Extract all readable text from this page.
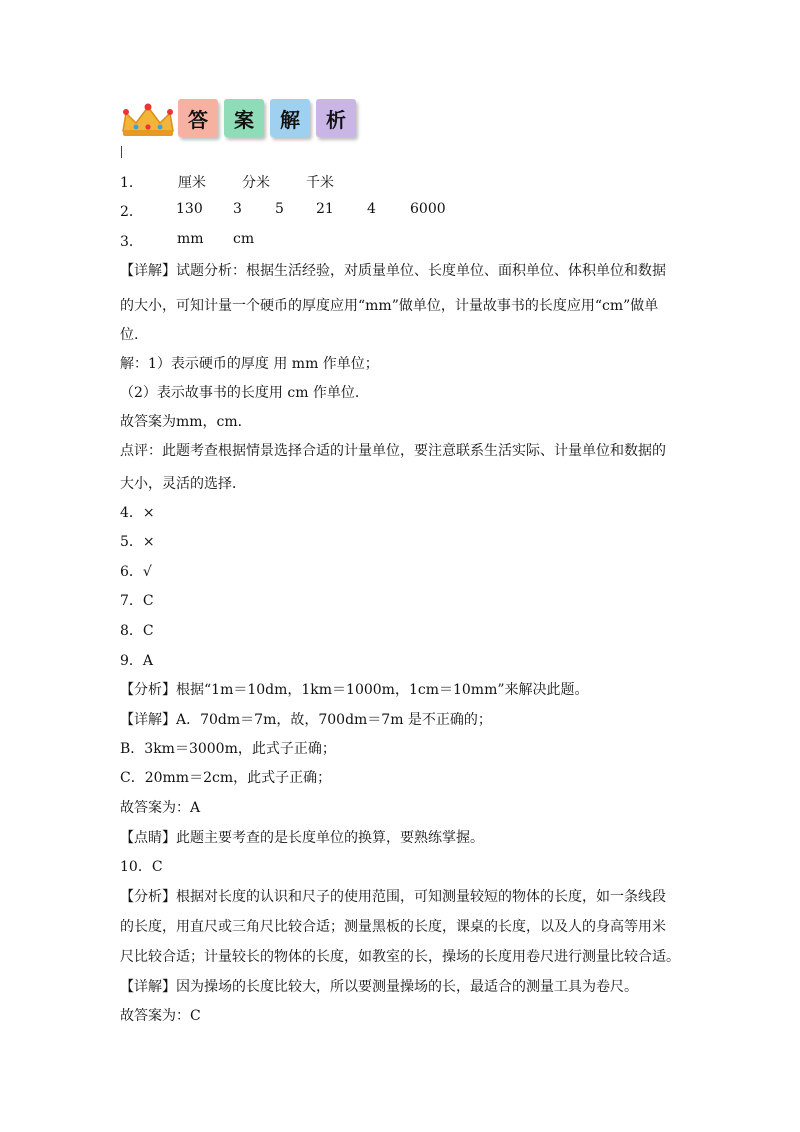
答	案	解	析
1．	厘米	分米	千米
2． 130 3 5 21 4 6000
3． mm cm
【详解】试题分析：根据生活经验，对质量单位、长度单位、面积单位、体积单位和数据
的大小，可知计量一个硬币的厚度应用“mm”做单位，计量故事书的长度应用“cm”做单
位.
解：1）表示硬币的厚度 用 mm 作单位；
（2）表示故事书的长度用 cm 作单位．
故答案为mm，cm．
点评：此题考查根据情景选择合适的计量单位，要注意联系生活实际、计量单位和数据的
大小，灵活的选择．
4．×
5．×
6．√
7．C
8．C
9．A
【分析】根据“1m＝10dm，1km＝1000m，1cm＝10mm”来解决此题。
【详解】A．70dm＝7m，故，700dm＝7m 是不正确的；
B．3km＝3000m，此式子正确；
C．20mm＝2cm，此式子正确；
故答案为：A
【点睛】此题主要考查的是长度单位的换算，要熟练掌握。
10．C
【分析】根据对长度的认识和尺子的使用范围，可知测量较短的物体的长度，如一条线段
的长度，用直尺或三角尺比较合适；测量黑板的长度，课桌的长度，以及人的身高等用米
尺比较合适；计量较长的物体的长度，如教室的长，操场的长度用卷尺进行测量比较合适。
【详解】因为操场的长度比较大，所以要测量操场的长，最适合的测量工具为卷尺。
故答案为：C
